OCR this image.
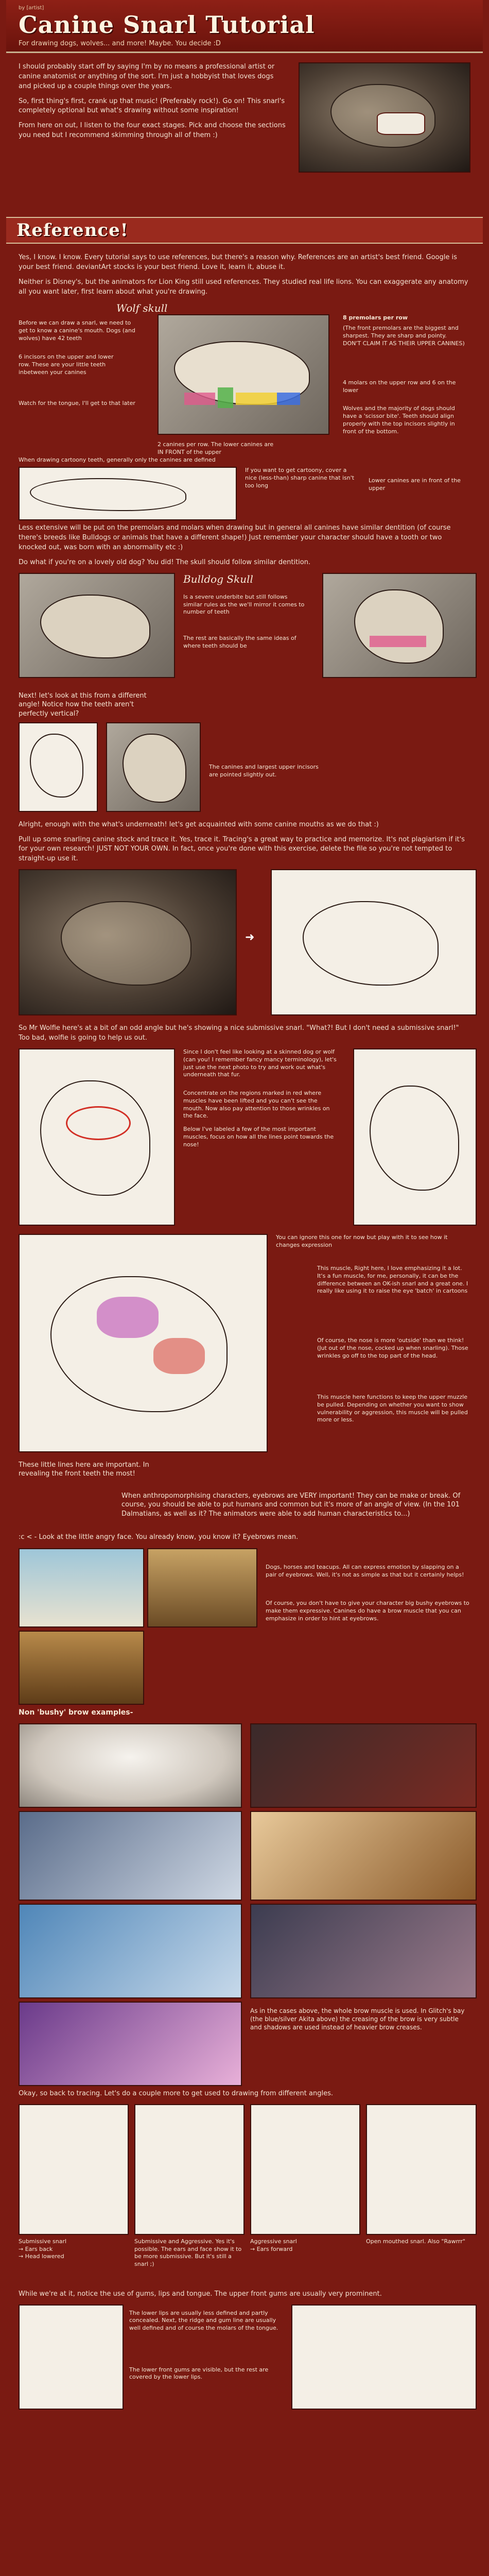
by [artist]
Canine Snarl Tutorial
For drawing dogs, wolves... and more! Maybe. You decide :D

I should probably start off by saying I'm by no means a professional artist or canine anatomist or anything of the sort. I'm just a hobbyist that loves dogs and picked up a couple things over the years.

So, first thing's first, crank up that music! (Preferably rock!). Go on! This snarl's completely optional but what's drawing without some inspiration!

From here on out, I listen to the four exact stages. Pick and choose the sections you need but I recommend skimming through all of them :)

Reference!

Yes, I know. I know. Every tutorial says to use references, but there's a reason why. References are an artist's best friend. Google is your best friend. deviantArt stocks is your best friend. Love it, learn it, abuse it.

Neither is Disney's, but the animators for Lion King still used references. They studied real life lions. You can exaggerate any anatomy all you want later, first learn about what you're drawing.

Wolf skull
Before we can draw a snarl, we need to get to know a canine's mouth. Dogs (and wolves) have 42 teeth
6 incisors on the upper and lower row. These are your little teeth inbetween your canines
Watch for the tongue, I'll get to that later
2 canines per row. The lower canines are IN FRONT of the upper
8 premolars per row
(The front premolars are the biggest and sharpest. They are sharp and pointy. DON'T CLAIM IT AS THEIR UPPER CANINES)
4 molars on the upper row and 6 on the lower
Wolves and the majority of dogs should have a 'scissor bite'. Teeth should align properly with the top incisors slightly in front of the bottom.
When drawing cartoony teeth, generally only the canines are defined
If you want to get cartoony, cover a nice (less-than) sharp canine that isn't too long
Lower canines are in front of the upper

Less extensive will be put on the premolars and molars when drawing but in general all canines have similar dentition (of course there's breeds like Bulldogs or animals that have a different shape!) Just remember your character should have a tooth or two knocked out, was born with an abnormality etc :)

Do what if you're on a lovely old dog? You did! The skull should follow similar dentition.

Bulldog Skull
Is a severe underbite but still follows similar rules as the we'll mirror it comes to number of teeth
The rest are basically the same ideas of where teeth should be
Next! let's look at this from a different angle! Notice how the teeth aren't perfectly vertical?
The canines and largest upper incisors are pointed slightly out.

Alright, enough with the what's underneath! let's get acquainted with some canine mouths as we do that :)

Pull up some snarling canine stock and trace it. Yes, trace it. Tracing's a great way to practice and memorize. It's not plagiarism if it's for your own research! JUST NOT YOUR OWN. In fact, once you're done with this exercise, delete the file so you're not tempted to straight-up use it.

➜

So Mr Wolfie here's at a bit of an odd angle but he's showing a nice submissive snarl. "What?! But I don't need a submissive snarl!" Too bad, wolfie is going to help us out.

Since I don't feel like looking at a skinned dog or wolf (can you! I remember fancy mancy terminology), let's just use the next photo to try and work out what's underneath that fur.
Concentrate on the regions marked in red where muscles have been lifted and you can't see the mouth. Now also pay attention to those wrinkles on the face.
Below I've labeled a few of the most important muscles, focus on how all the lines point towards the nose!
You can ignore this one for now but play with it to see how it changes expression
This muscle, Right here, I love emphasizing it a lot. It's a fun muscle, for me, personally, it can be the difference between an OK-ish snarl and a great one. I really like using it to raise the eye 'batch' in cartoons
Of course, the nose is more 'outside' than we think! (Jut out of the nose, cocked up when snarling). Those wrinkles go off to the top part of the head.
This muscle here functions to keep the upper muzzle be pulled. Depending on whether you want to show vulnerability or aggression, this muscle will be pulled more or less.
These little lines here are important. In revealing the front teeth the most!
When anthropomorphising characters, eyebrows are VERY important! They can be make or break. Of course, you should be able to put humans and common but it's more of an angle of view. (In the 101 Dalmatians, as well as it? The animators were able to add human characteristics to...)
:c < - Look at the little angry face. You already know, you know it? Eyebrows mean.
Dogs, horses and teacups. All can express emotion by slapping on a pair of eyebrows. Well, it's not as simple as that but it certainly helps!
Of course, you don't have to give your character big bushy eyebrows to make them expressive. Canines do have a brow muscle that you can emphasize in order to hint at eyebrows.
Non 'bushy' brow examples-
As in the cases above, the whole brow muscle is used. In Glitch's bay (the blue/silver Akita above) the creasing of the brow is very subtle and shadows are used instead of heavier brow creases.

Okay, so back to tracing. Let's do a couple more to get used to drawing from different angles.

Submissive snarl
→ Ears back
→ Head lowered
Submissive and Aggressive. Yes it's possible. The ears and face show it to be more submissive. But it's still a snarl ;)
Aggressive snarl
→ Ears forward
Open mouthed snarl. Also "Rawrrr"

While we're at it, notice the use of gums, lips and tongue. The upper front gums are usually very prominent.

The lower lips are usually less defined and partly concealed. Next, the ridge and gum line are usually well defined and of course the molars of the tongue.
The lower front gums are visible, but the rest are covered by the lower lips.
